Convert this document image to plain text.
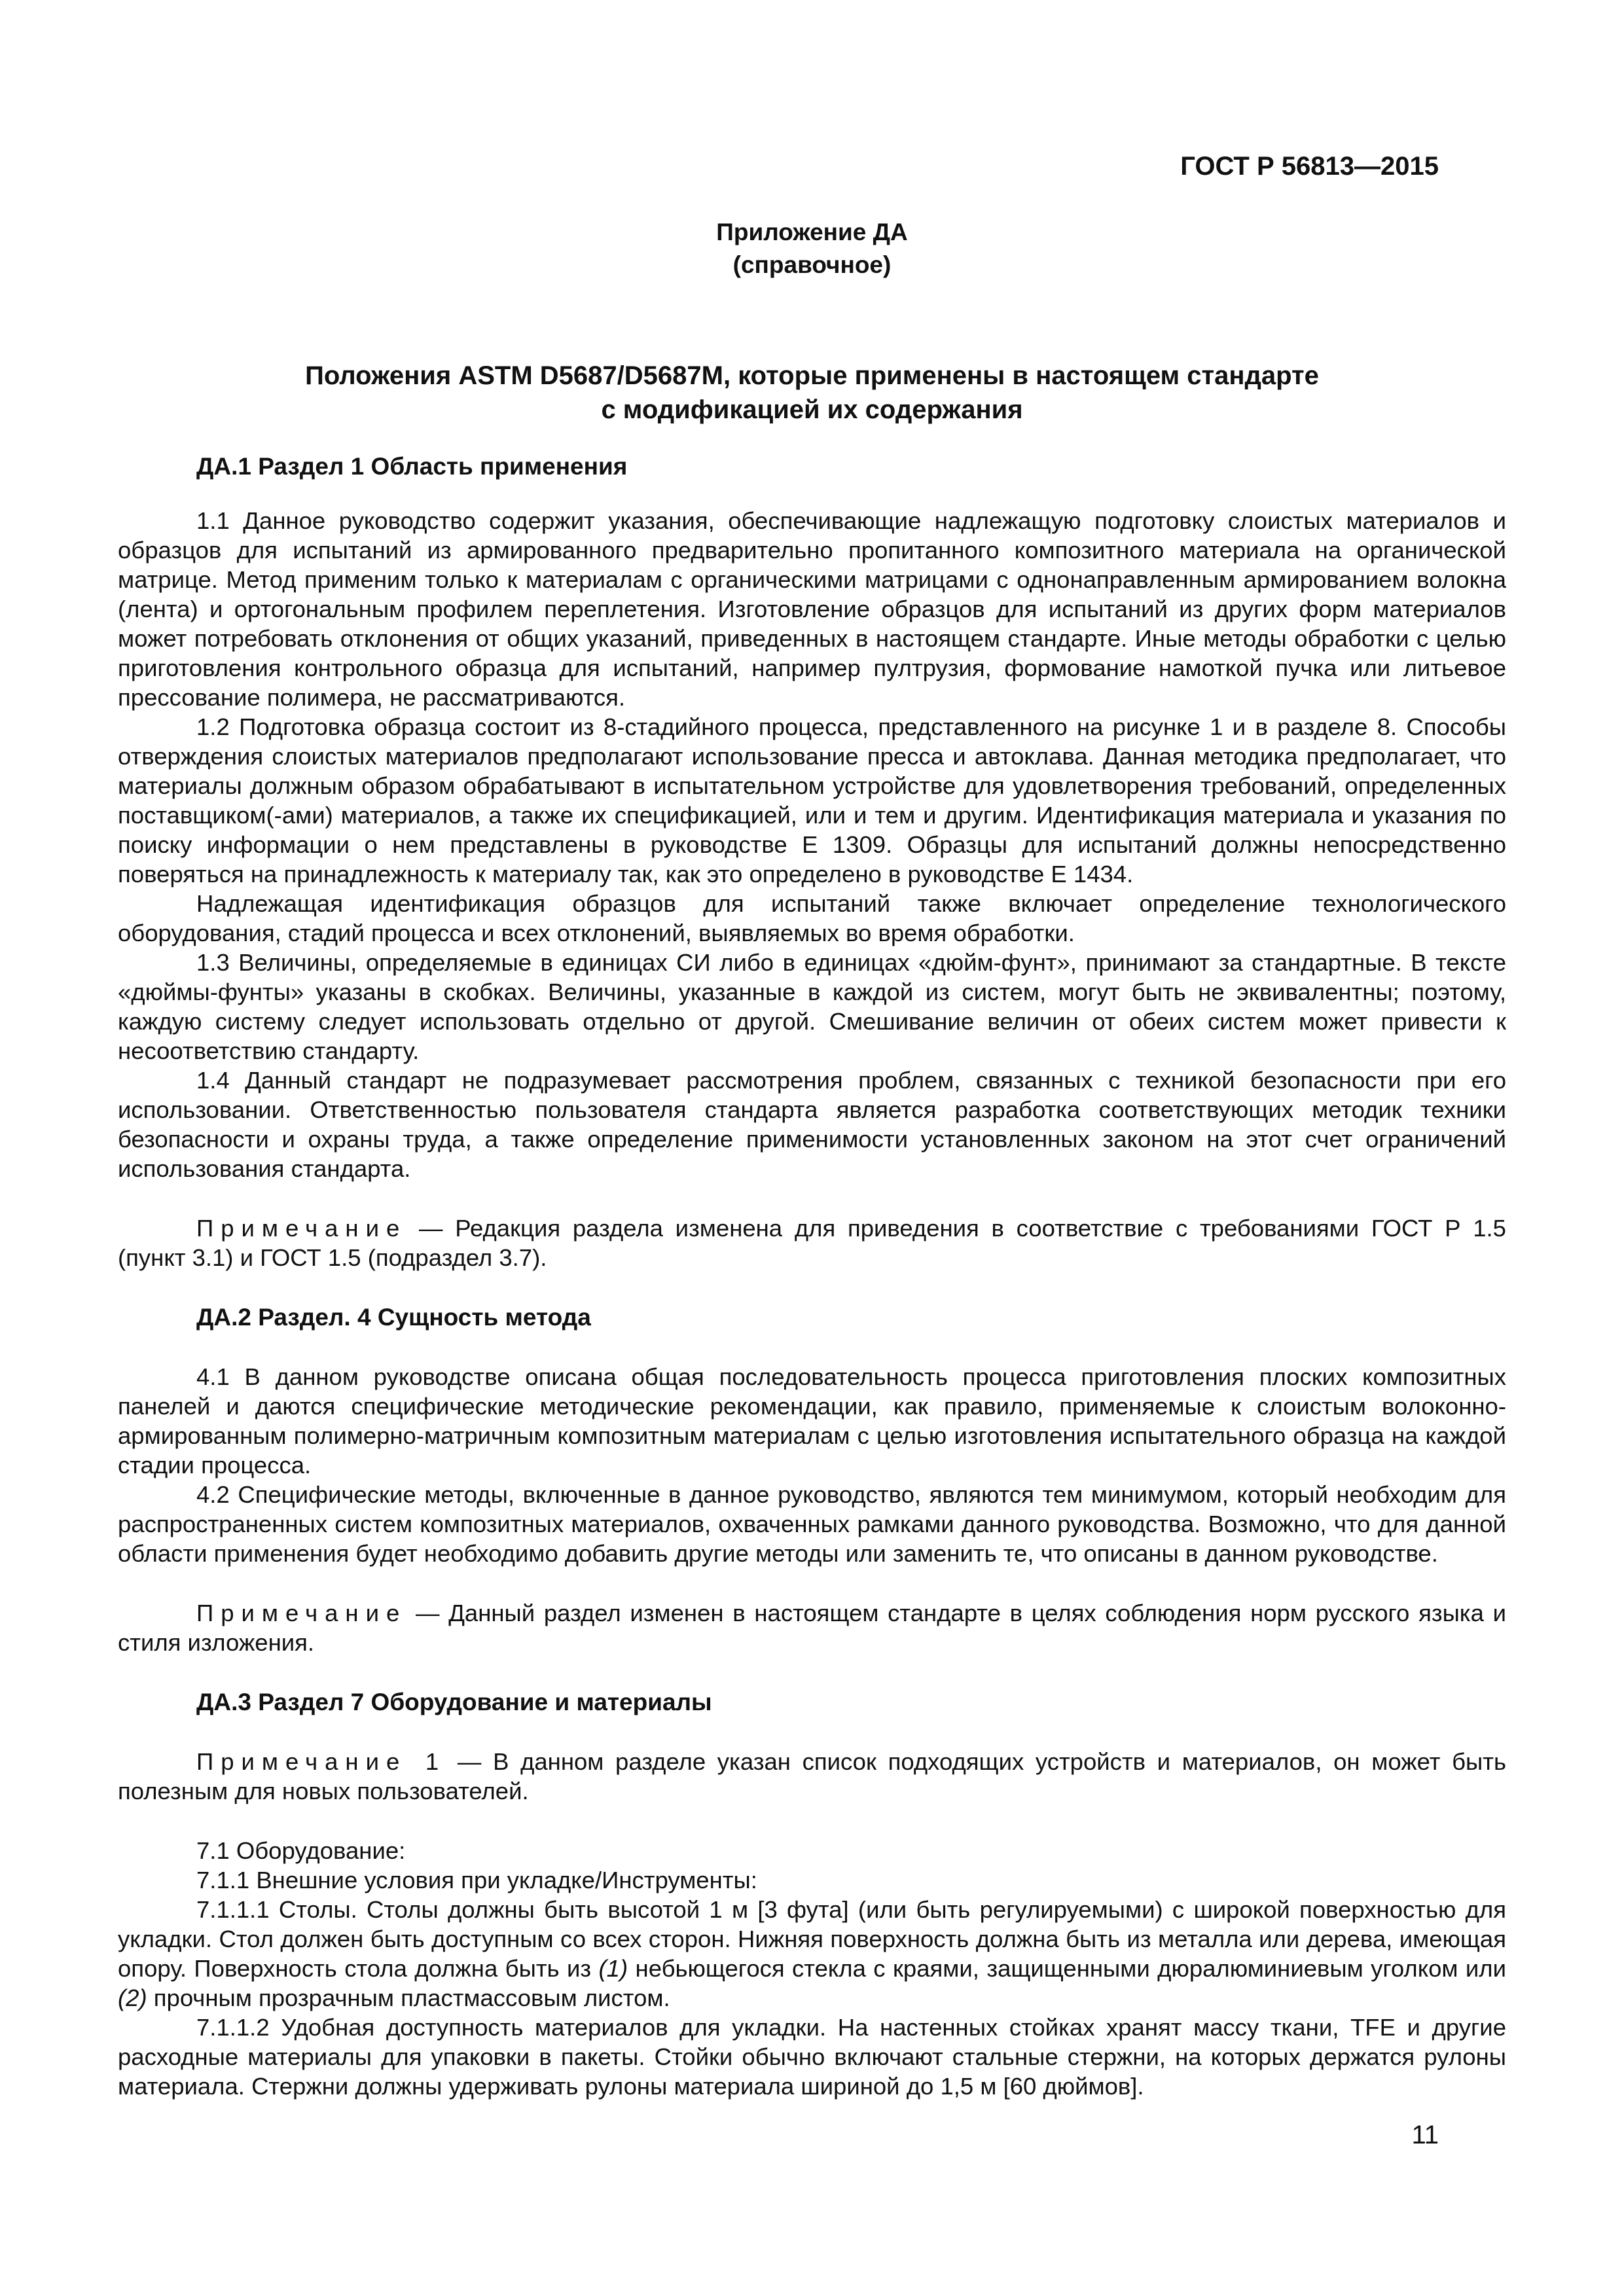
ГОСТ Р 56813—2015

Приложение ДА
(справочное)
Положения ASTM D5687/D5687M, которые применены в настоящем стандарте
с модификацией их содержания

ДА.1 Раздел 1 Область применения

1.1 Данное руководство содержит указания, обеспечивающие надлежащую подготовку слоистых материалов и образцов для испытаний из армированного предварительно пропитанного композитного материала на органической матрице. Метод применим только к материалам с органическими матрицами с однонаправленным армированием волокна (лента) и ортогональным профилем переплетения. Изготовление образцов для испытаний из других форм материалов может потребовать отклонения от общих указаний, приведенных в настоящем стандарте. Иные методы обработки с целью приготовления контрольного образца для испытаний, например пултрузия, формование намоткой пучка или литьевое прессование полимера, не рассматриваются.

1.2 Подготовка образца состоит из 8-стадийного процесса, представленного на рисунке 1 и в разделе 8. Способы отверждения слоистых материалов предполагают использование пресса и автоклава. Данная методика предполагает, что материалы должным образом обрабатывают в испытательном устройстве для удовлетворения требований, определенных поставщиком(-ами) материалов, а также их спецификацией, или и тем и другим. Идентификация материала и указания по поиску информации о нем представлены в руководстве Е 1309. Образцы для испытаний должны непосредственно поверяться на принадлежность к материалу так, как это определено в руководстве Е 1434.

Надлежащая идентификация образцов для испытаний также включает определение технологического оборудования, стадий процесса и всех отклонений, выявляемых во время обработки.

1.3 Величины, определяемые в единицах СИ либо в единицах «дюйм-фунт», принимают за стандартные. В тексте «дюймы-фунты» указаны в скобках. Величины, указанные в каждой из систем, могут быть не эквивалентны; поэтому, каждую систему следует использовать отдельно от другой. Смешивание величин от обеих систем может привести к несоответствию стандарту.

1.4 Данный стандарт не подразумевает рассмотрения проблем, связанных с техникой безопасности при его использовании. Ответственностью пользователя стандарта является разработка соответствующих методик техники безопасности и охраны труда, а также определение применимости установленных законом на этот счет ограничений использования стандарта.

Примечание — Редакция раздела изменена для приведения в соответствие с требованиями ГОСТ Р 1.5 (пункт 3.1) и ГОСТ 1.5 (подраздел 3.7).

ДА.2 Раздел. 4 Сущность метода

4.1 В данном руководстве описана общая последовательность процесса приготовления плоских композитных панелей и даются специфические методические рекомендации, как правило, применяемые к слоистым волоконно-армированным полимерно-матричным композитным материалам с целью изготовления испытательного образца на каждой стадии процесса.

4.2 Специфические методы, включенные в данное руководство, являются тем минимумом, который необходим для распространенных систем композитных материалов, охваченных рамками данного руководства. Возможно, что для данной области применения будет необходимо добавить другие методы или заменить те, что описаны в данном руководстве.

Примечание — Данный раздел изменен в настоящем стандарте в целях соблюдения норм русского языка и стиля изложения.

ДА.3 Раздел 7 Оборудование и материалы

Примечание 1 — В данном разделе указан список подходящих устройств и материалов, он может быть полезным для новых пользователей.

7.1 Оборудование:

7.1.1 Внешние условия при укладке/Инструменты:

7.1.1.1 Столы. Столы должны быть высотой 1 м [3 фута] (или быть регулируемыми) с широкой поверхностью для укладки. Стол должен быть доступным со всех сторон. Нижняя поверхность должна быть из металла или дерева, имеющая опору. Поверхность стола должна быть из (1) небьющегося стекла с краями, защищенными дюралюминиевым уголком или (2) прочным прозрачным пластмассовым листом.

7.1.1.2 Удобная доступность материалов для укладки. На настенных стойках хранят массу ткани, TFE и другие расходные материалы для упаковки в пакеты. Стойки обычно включают стальные стержни, на которых держатся рулоны материала. Стержни должны удерживать рулоны материала шириной до 1,5 м [60 дюймов].

11
